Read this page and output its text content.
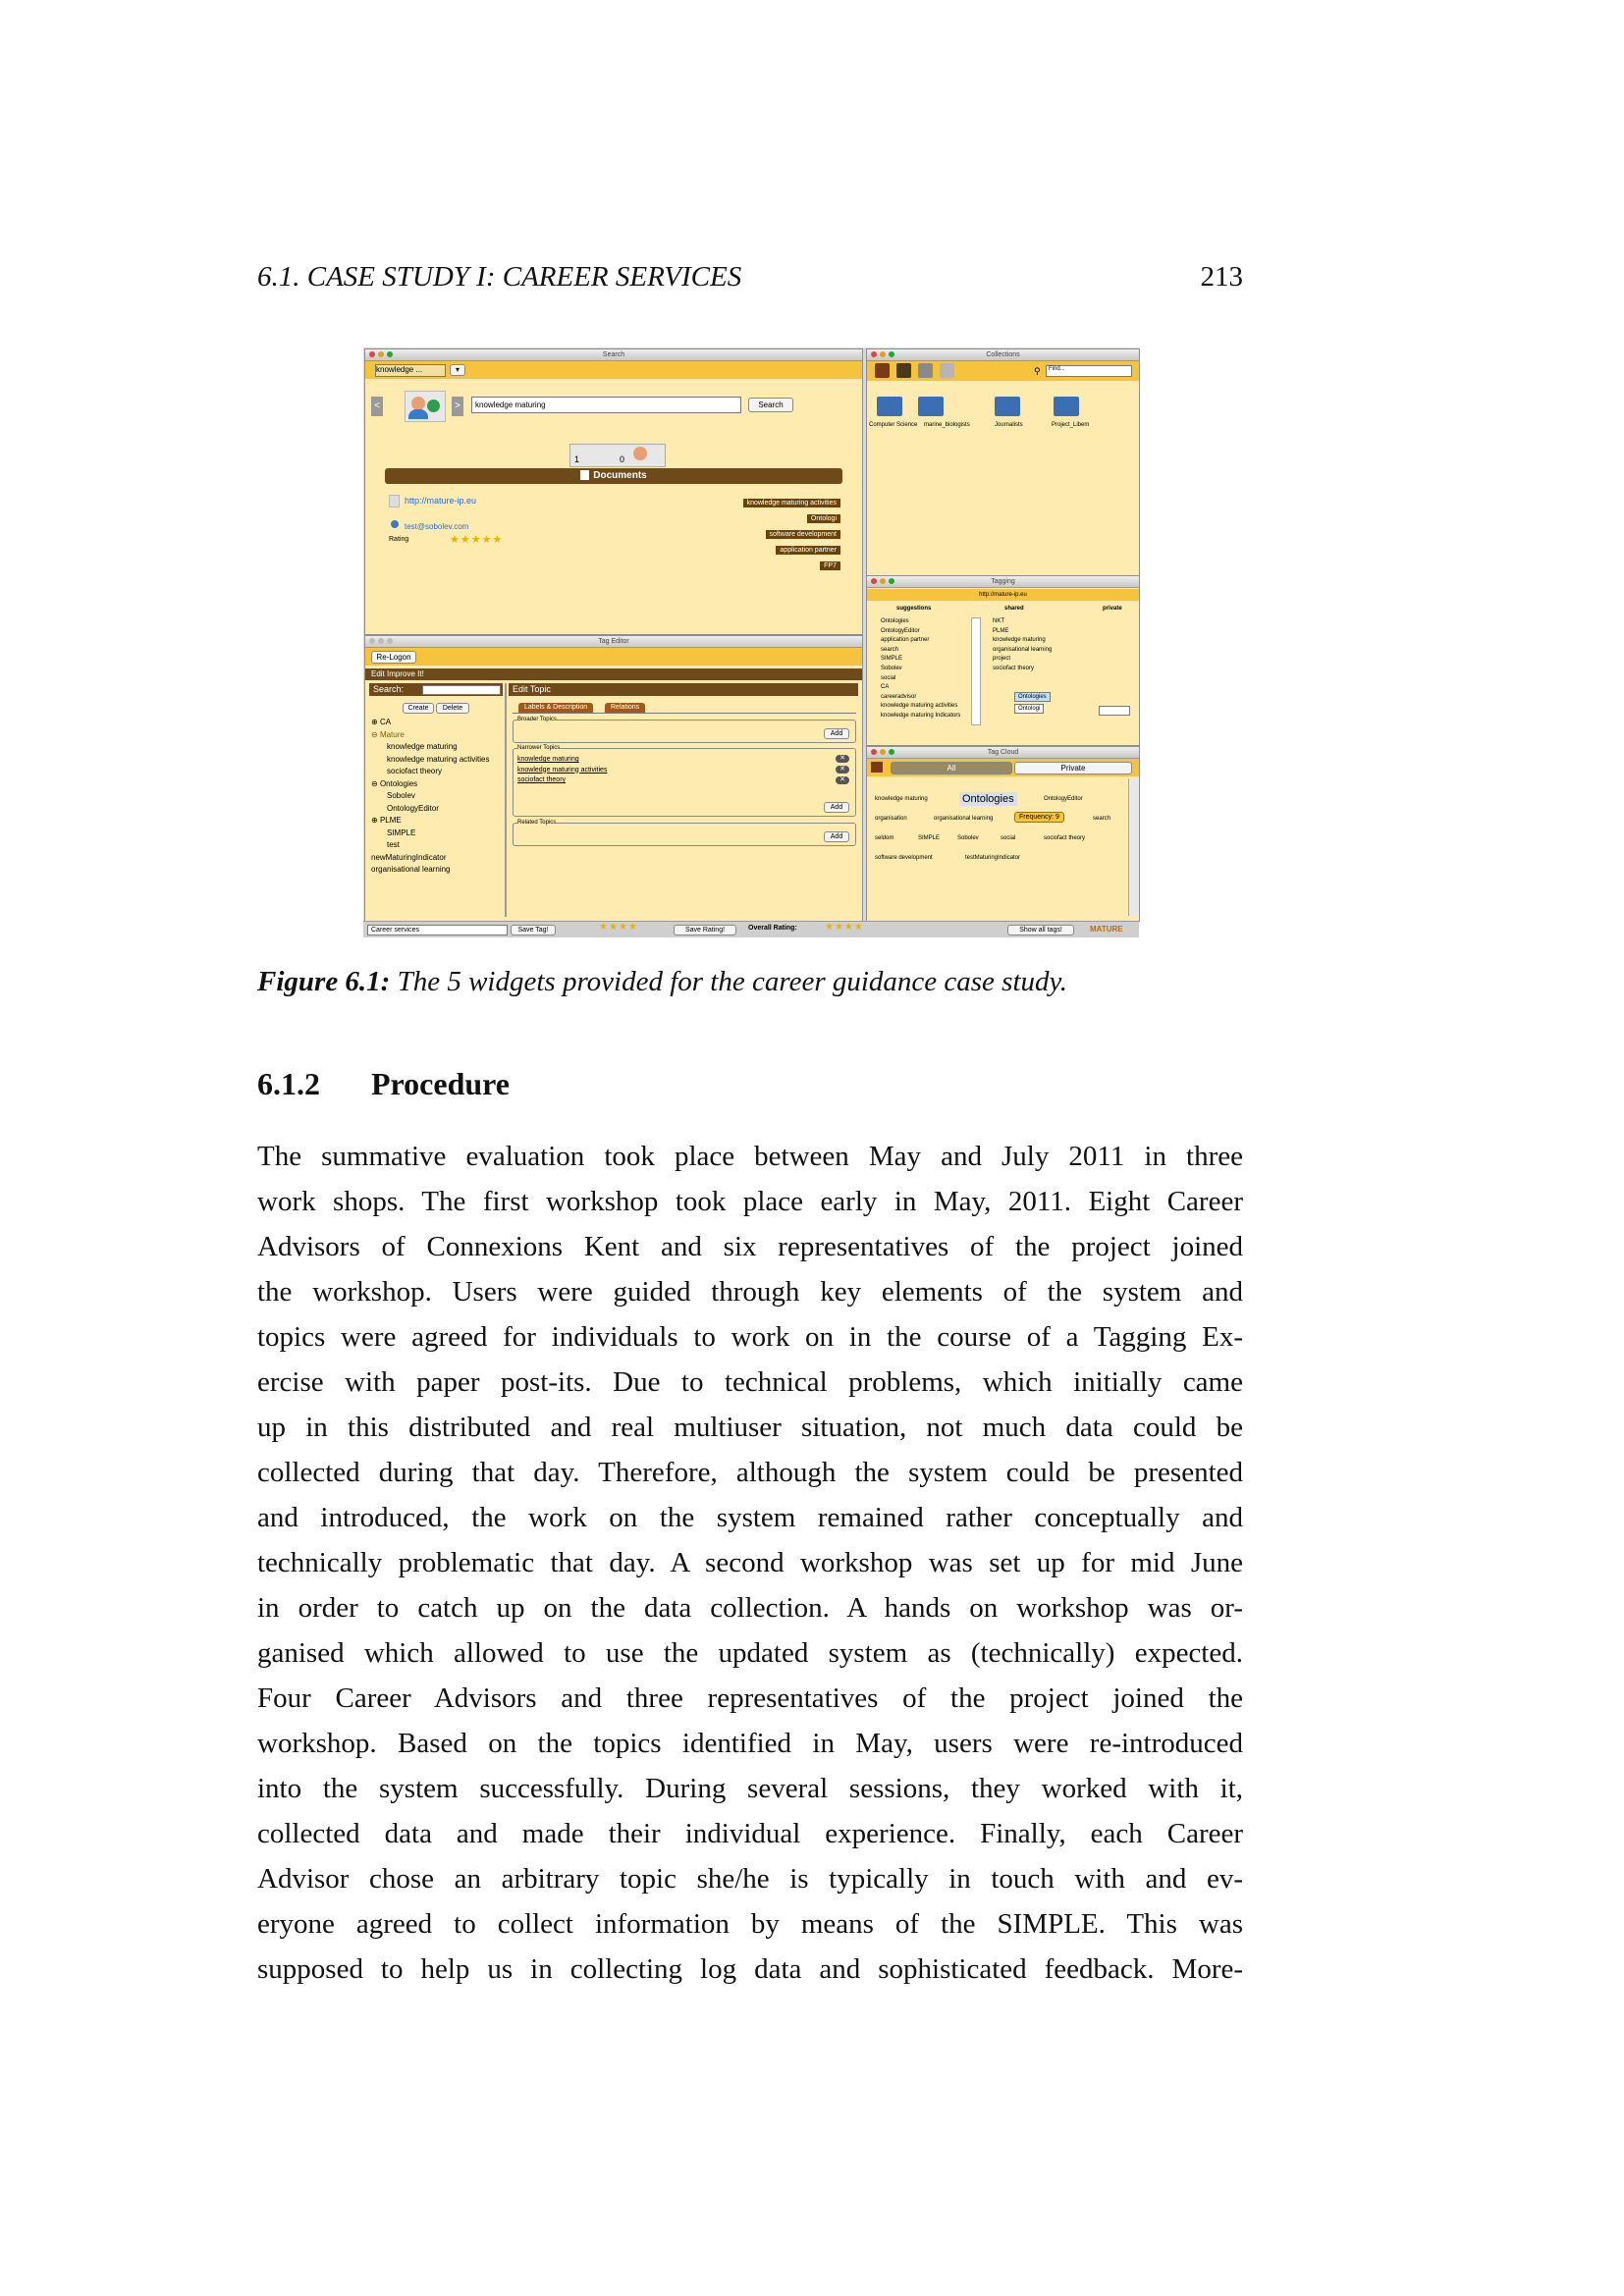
6.1. CASE STUDY I: CAREER SERVICES	213
Search
knowledge ...	▾
<	>	knowledge maturing	Search
1	0
Documents
http://mature-ip.eu
test@sobolev.com
Rating	★★★★★
knowledge maturing activities
Ontologi
software development
application partner
FP7
Collections
⚲	Find...
Computer Science marine_biologists	Journalists	Project_Libem
Tagging
http://mature-ip.eu
suggestions	shared	private
Ontologies
OntologyEditor
application partner
search
SIMPLE
Sobolev
social
CA
careeradvisor
knowledge maturing activities
knowledge maturing Indicators
NKT
PLME
knowledge maturing
organisational learning
project
sociofact theory
Ontologies
Ontologi
Tag Editor
Re-Logon
Edit Improve It!
Search:
Create	Delete
⊕ CA
⊖ Mature
knowledge maturing
knowledge maturing activities
sociofact theory
⊖ Ontologies
Sobolev
OntologyEditor
⊕ PLME
SIMPLE
test
newMaturingIndicator
organisational learning
Edit Topic
Labels & Description	Relations
Broader Topics
Add
Narrower Topics
knowledge maturing
knowledge maturing activities
sociofact theory
✕
✕
✕
Add
Related Topics
Add
Tag Cloud
All	Private
knowledge maturing	Ontologies	OntologyEditor
organisation	organisational learning	search
Frequency: 9
seldom	SIMPLE	Sobolev	social	sociofact theory
software development	testMaturingIndicator
Career services	Save Tag!	★★★★	Save Rating!	Overall Rating:	★★★★	Show all tags!	MATURE
Figure 6.1: The 5 widgets provided for the career guidance case study.
6.1.2 Procedure
The summative evaluation took place between May and July 2011 in three
work shops. The first workshop took place early in May, 2011. Eight Career
Advisors of Connexions Kent and six representatives of the project joined
the workshop. Users were guided through key elements of the system and
topics were agreed for individuals to work on in the course of a Tagging Ex-
ercise with paper post-its. Due to technical problems, which initially came
up in this distributed and real multiuser situation, not much data could be
collected during that day. Therefore, although the system could be presented
and introduced, the work on the system remained rather conceptually and
technically problematic that day. A second workshop was set up for mid June
in order to catch up on the data collection. A hands on workshop was or-
ganised which allowed to use the updated system as (technically) expected.
Four Career Advisors and three representatives of the project joined the
workshop. Based on the topics identified in May, users were re-introduced
into the system successfully. During several sessions, they worked with it,
collected data and made their individual experience. Finally, each Career
Advisor chose an arbitrary topic she/he is typically in touch with and ev-
eryone agreed to collect information by means of the SIMPLE. This was
supposed to help us in collecting log data and sophisticated feedback. More-
